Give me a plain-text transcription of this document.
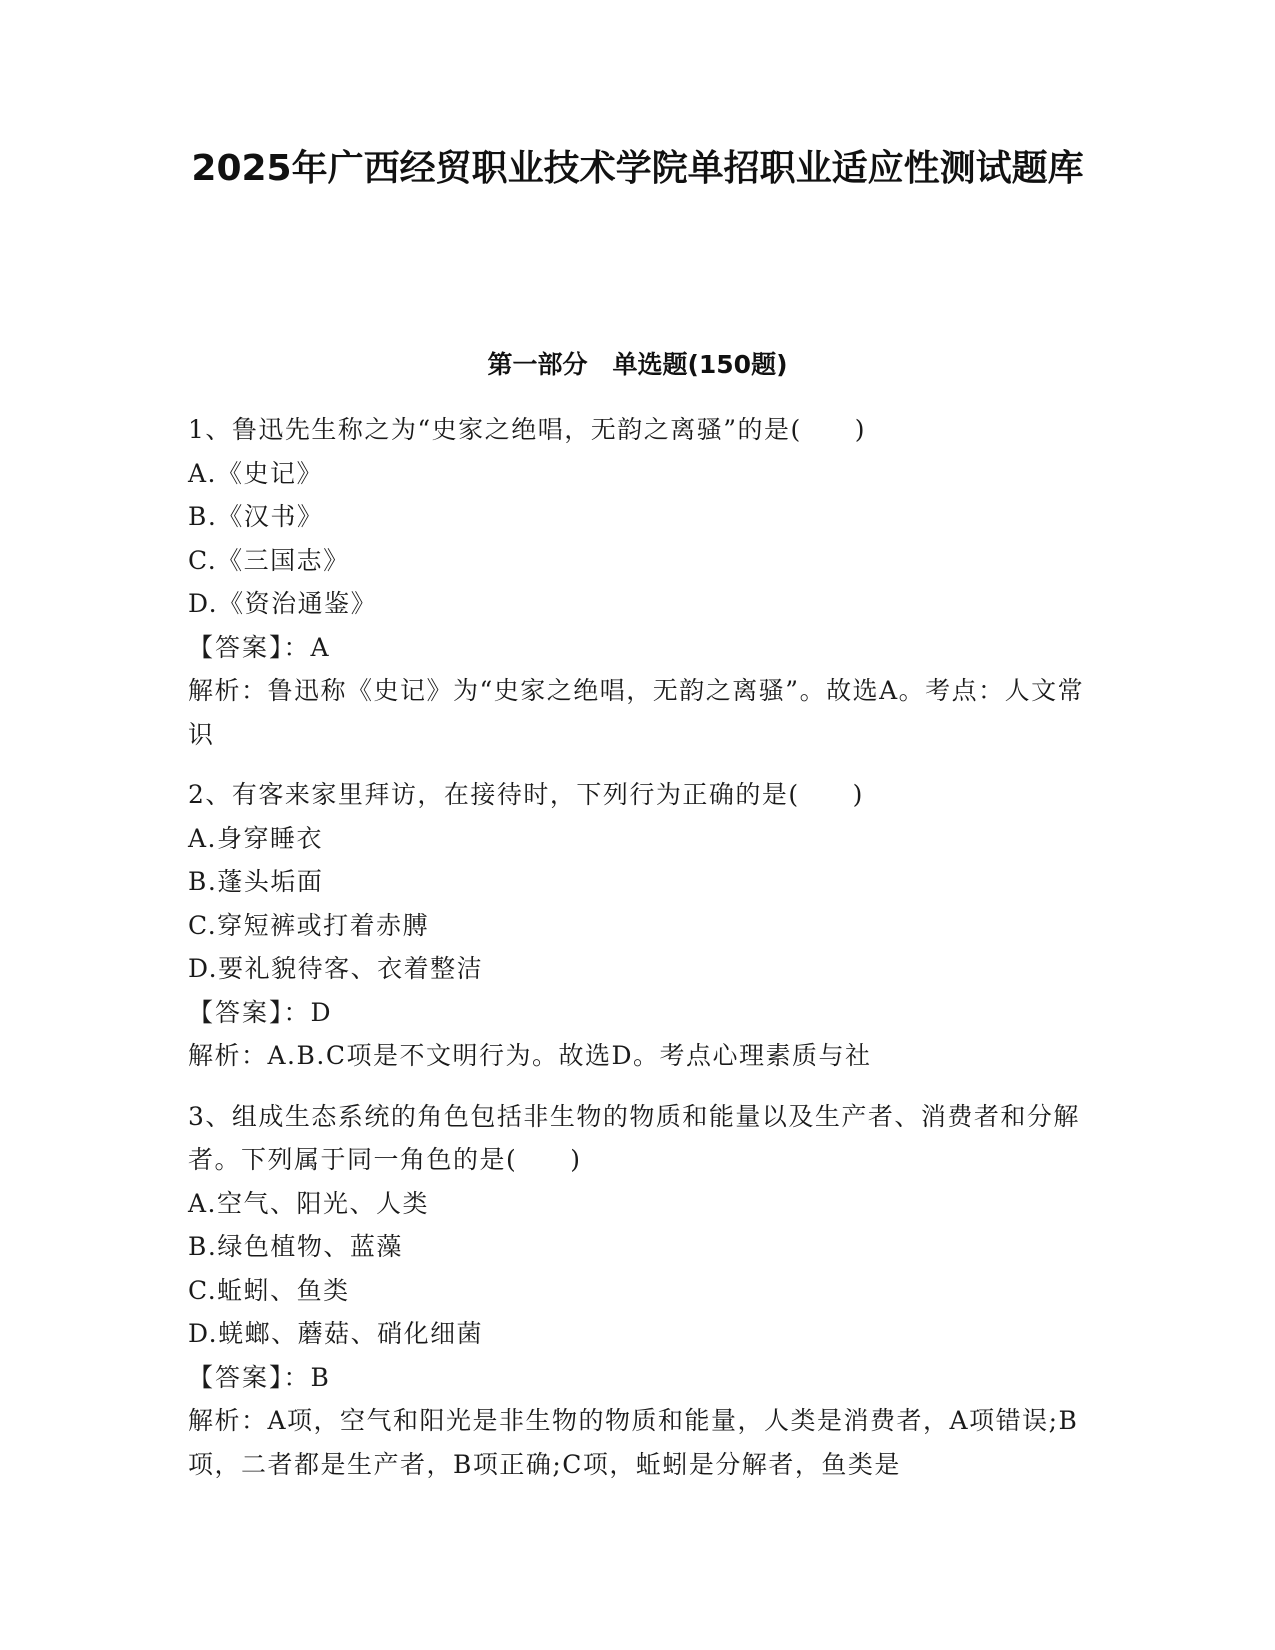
2025年广西经贸职业技术学院单招职业适应性测试题库
第一部分　单选题(150题)

1、鲁迅先生称之为“史家之绝唱，无韵之离骚”的是(　　)

A.《史记》

B.《汉书》

C.《三国志》

D.《资治通鉴》

【答案】：A

解析：鲁迅称《史记》为“史家之绝唱，无韵之离骚”。故选A。考点：人文常识

2、有客来家里拜访，在接待时，下列行为正确的是(　　)

A.身穿睡衣

B.蓬头垢面

C.穿短裤或打着赤膊

D.要礼貌待客、衣着整洁

【答案】：D

解析：A.B.C项是不文明行为。故选D。考点心理素质与社

3、组成生态系统的角色包括非生物的物质和能量以及生产者、消费者和分解者。下列属于同一角色的是(　　)

A.空气、阳光、人类

B.绿色植物、蓝藻

C.蚯蚓、鱼类

D.蜣螂、蘑菇、硝化细菌

【答案】：B

解析：A项，空气和阳光是非生物的物质和能量，人类是消费者，A项错误;B项，二者都是生产者，B项正确;C项，蚯蚓是分解者，鱼类是
